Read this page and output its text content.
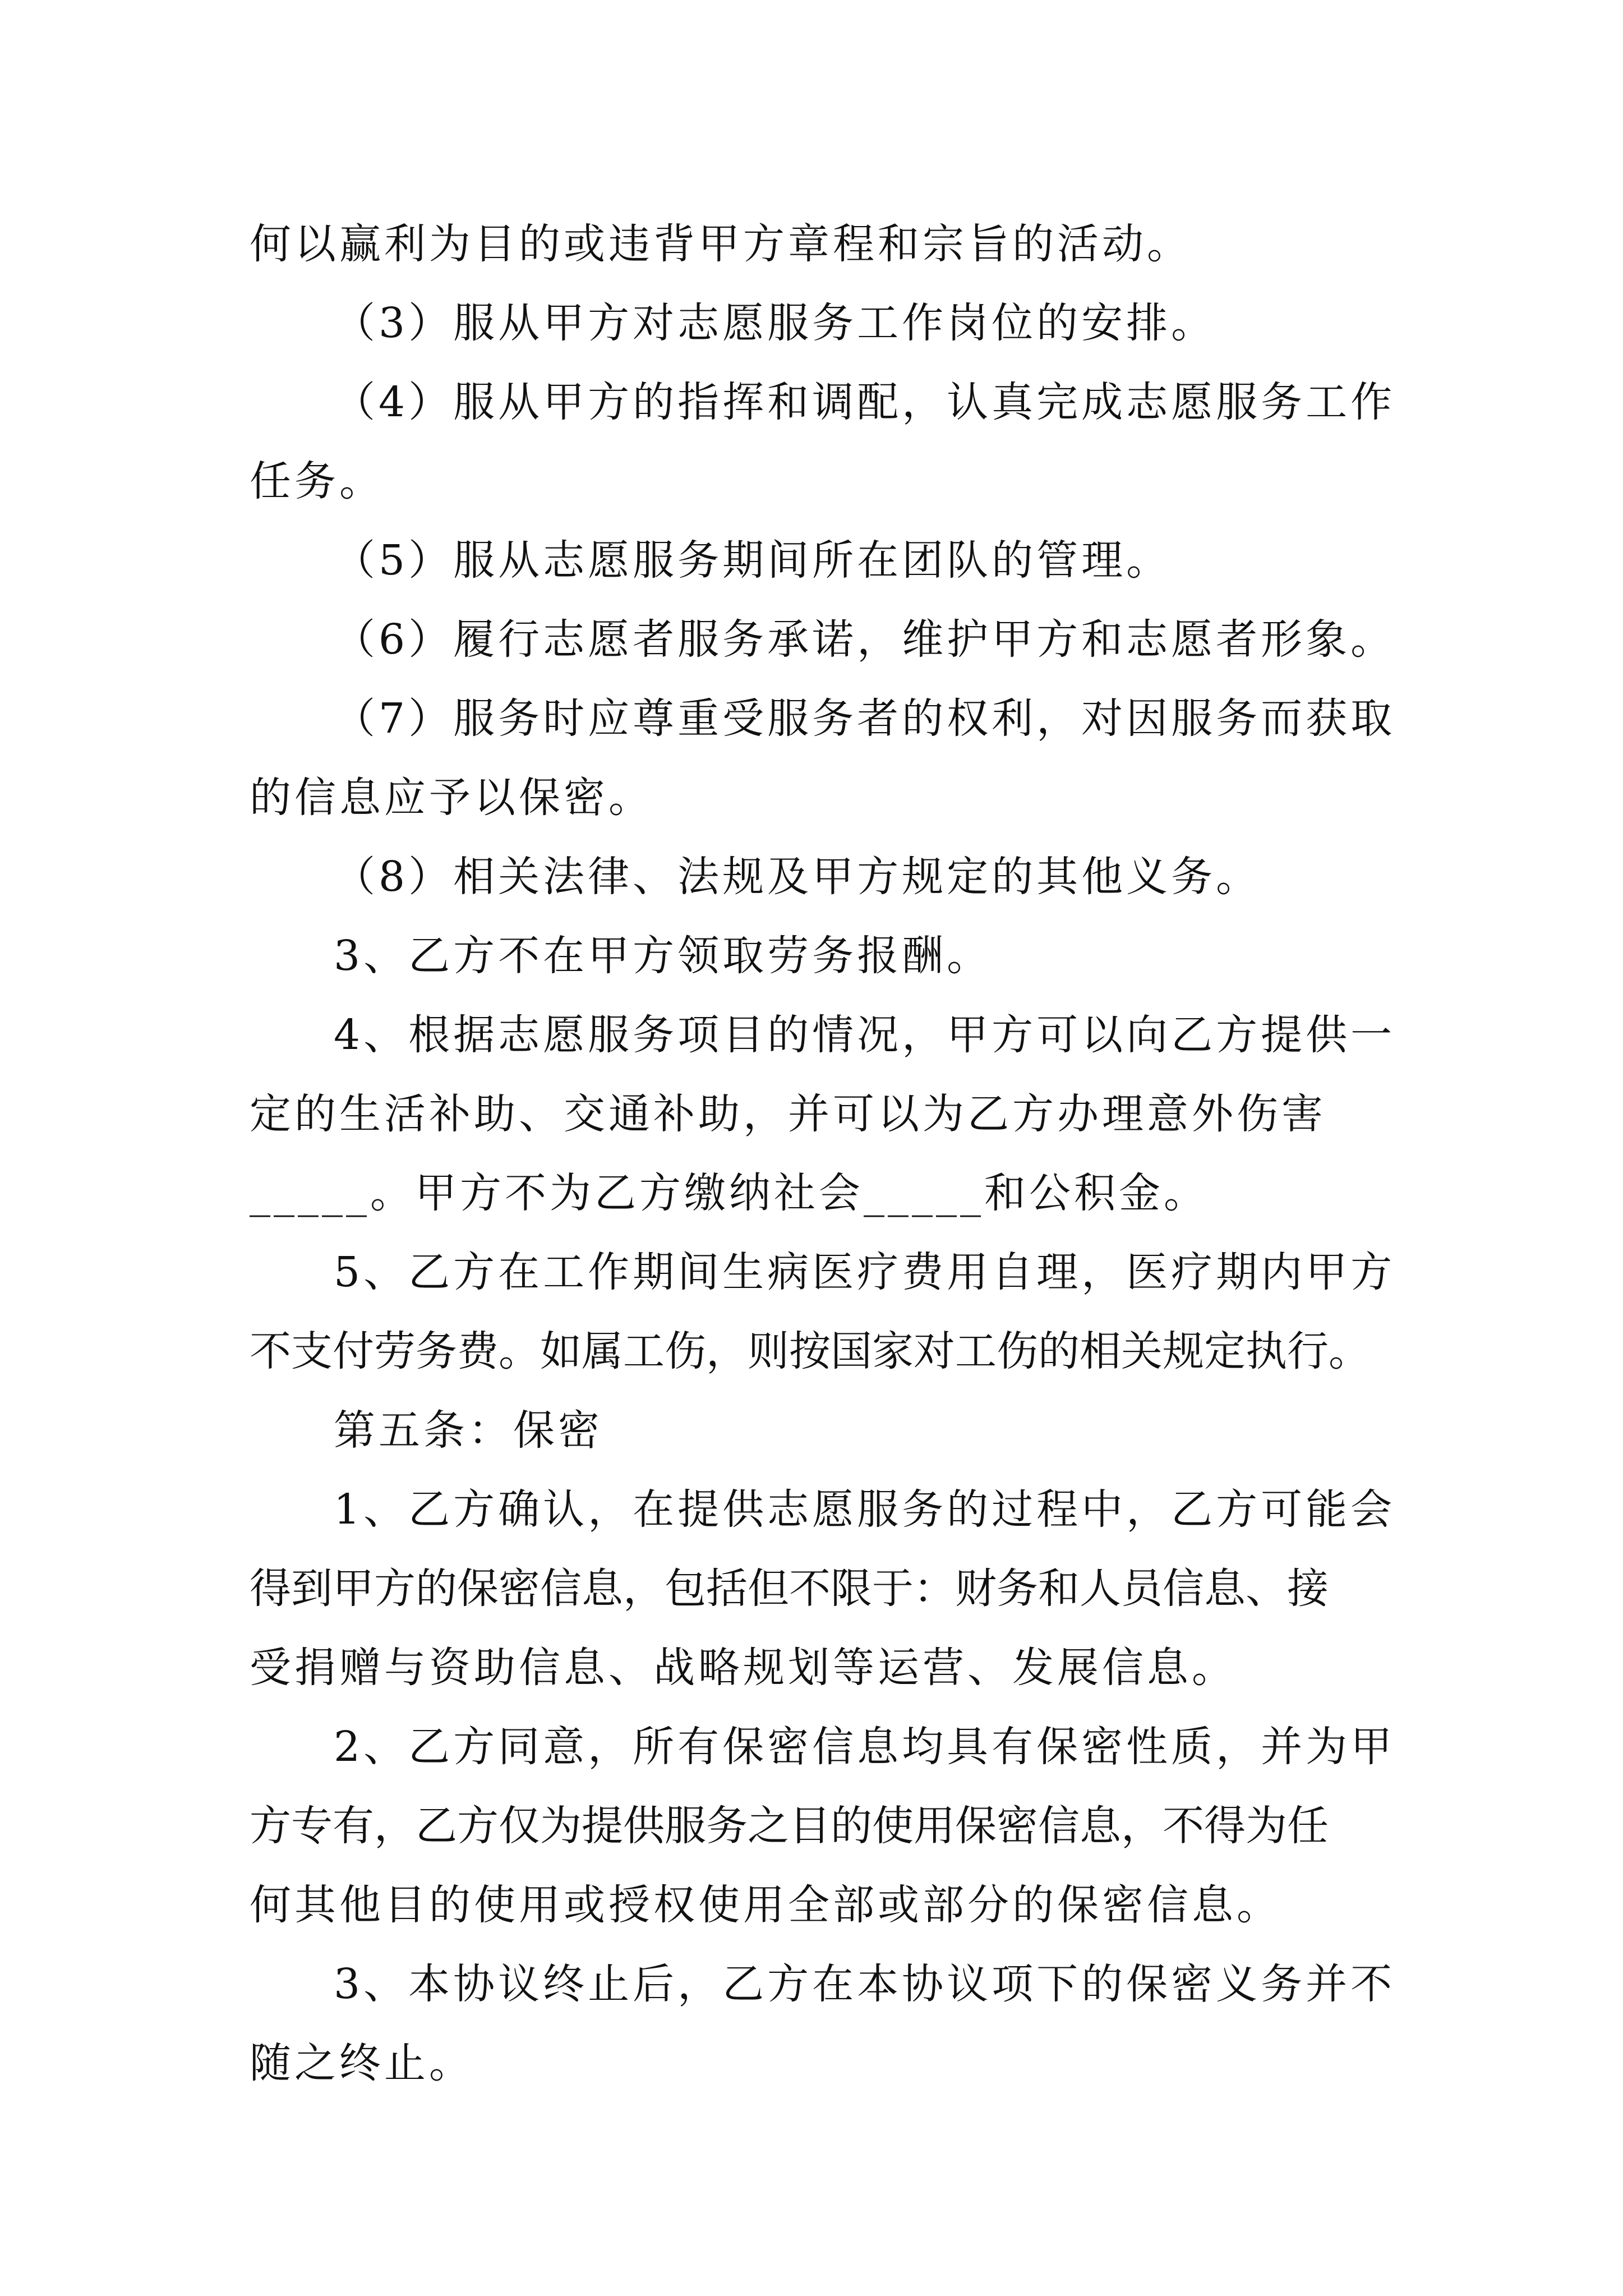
何以赢利为目的或违背甲方章程和宗旨的活动。
（3）服从甲方对志愿服务工作岗位的安排。
（4）服从甲方的指挥和调配，认真完成志愿服务工作
任务。
（5）服从志愿服务期间所在团队的管理。
（6）履行志愿者服务承诺，维护甲方和志愿者形象。
（7）服务时应尊重受服务者的权利，对因服务而获取
的信息应予以保密。
（8）相关法律、法规及甲方规定的其他义务。
3、乙方不在甲方领取劳务报酬。
4、根据志愿服务项目的情况，甲方可以向乙方提供一
定的生活补助、交通补助，并可以为乙方办理意外伤害
_____。甲方不为乙方缴纳社会_____和公积金。
5、乙方在工作期间生病医疗费用自理，医疗期内甲方
不支付劳务费。如属工伤，则按国家对工伤的相关规定执行。
第五条：保密
1、乙方确认，在提供志愿服务的过程中，乙方可能会
得到甲方的保密信息，包括但不限于：财务和人员信息、接
受捐赠与资助信息、战略规划等运营、发展信息。
2、乙方同意，所有保密信息均具有保密性质，并为甲
方专有，乙方仅为提供服务之目的使用保密信息，不得为任
何其他目的使用或授权使用全部或部分的保密信息。
3、本协议终止后，乙方在本协议项下的保密义务并不
随之终止。
